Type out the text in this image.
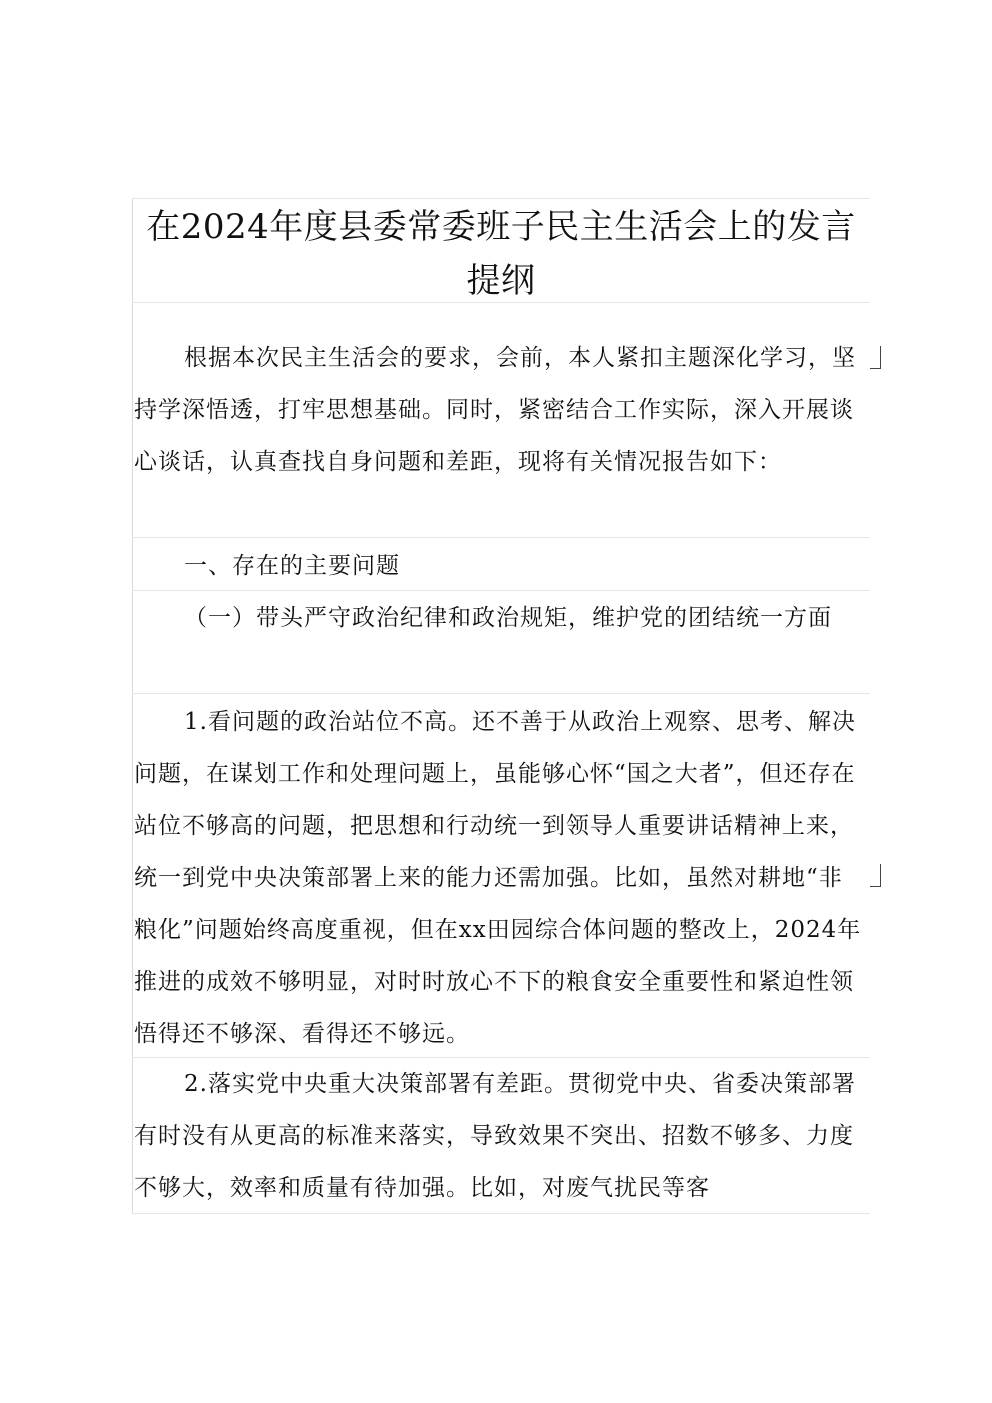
在2024年度县委常委班子民主生活会上的发言
提纲

根据本次民主生活会的要求，会前，本人紧扣主题深化学习，坚持学深悟透，打牢思想基础。同时，紧密结合工作实际，深入开展谈心谈话，认真查找自身问题和差距，现将有关情况报告如下：

一、存在的主要问题

（一）带头严守政治纪律和政治规矩，维护党的团结统一方面

1.看问题的政治站位不高。还不善于从政治上观察、思考、解决问题，在谋划工作和处理问题上，虽能够心怀“国之大者”，但还存在站位不够高的问题，把思想和行动统一到领导人重要讲话精神上来，统一到党中央决策部署上来的能力还需加强。比如，虽然对耕地“非粮化”问题始终高度重视，但在xx田园综合体问题的整改上，2024年推进的成效不够明显，对时时放心不下的粮食安全重要性和紧迫性领悟得还不够深、看得还不够远。

2.落实党中央重大决策部署有差距。贯彻党中央、省委决策部署有时没有从更高的标准来落实，导致效果不突出、招数不够多、力度不够大，效率和质量有待加强。比如，对废气扰民等客
